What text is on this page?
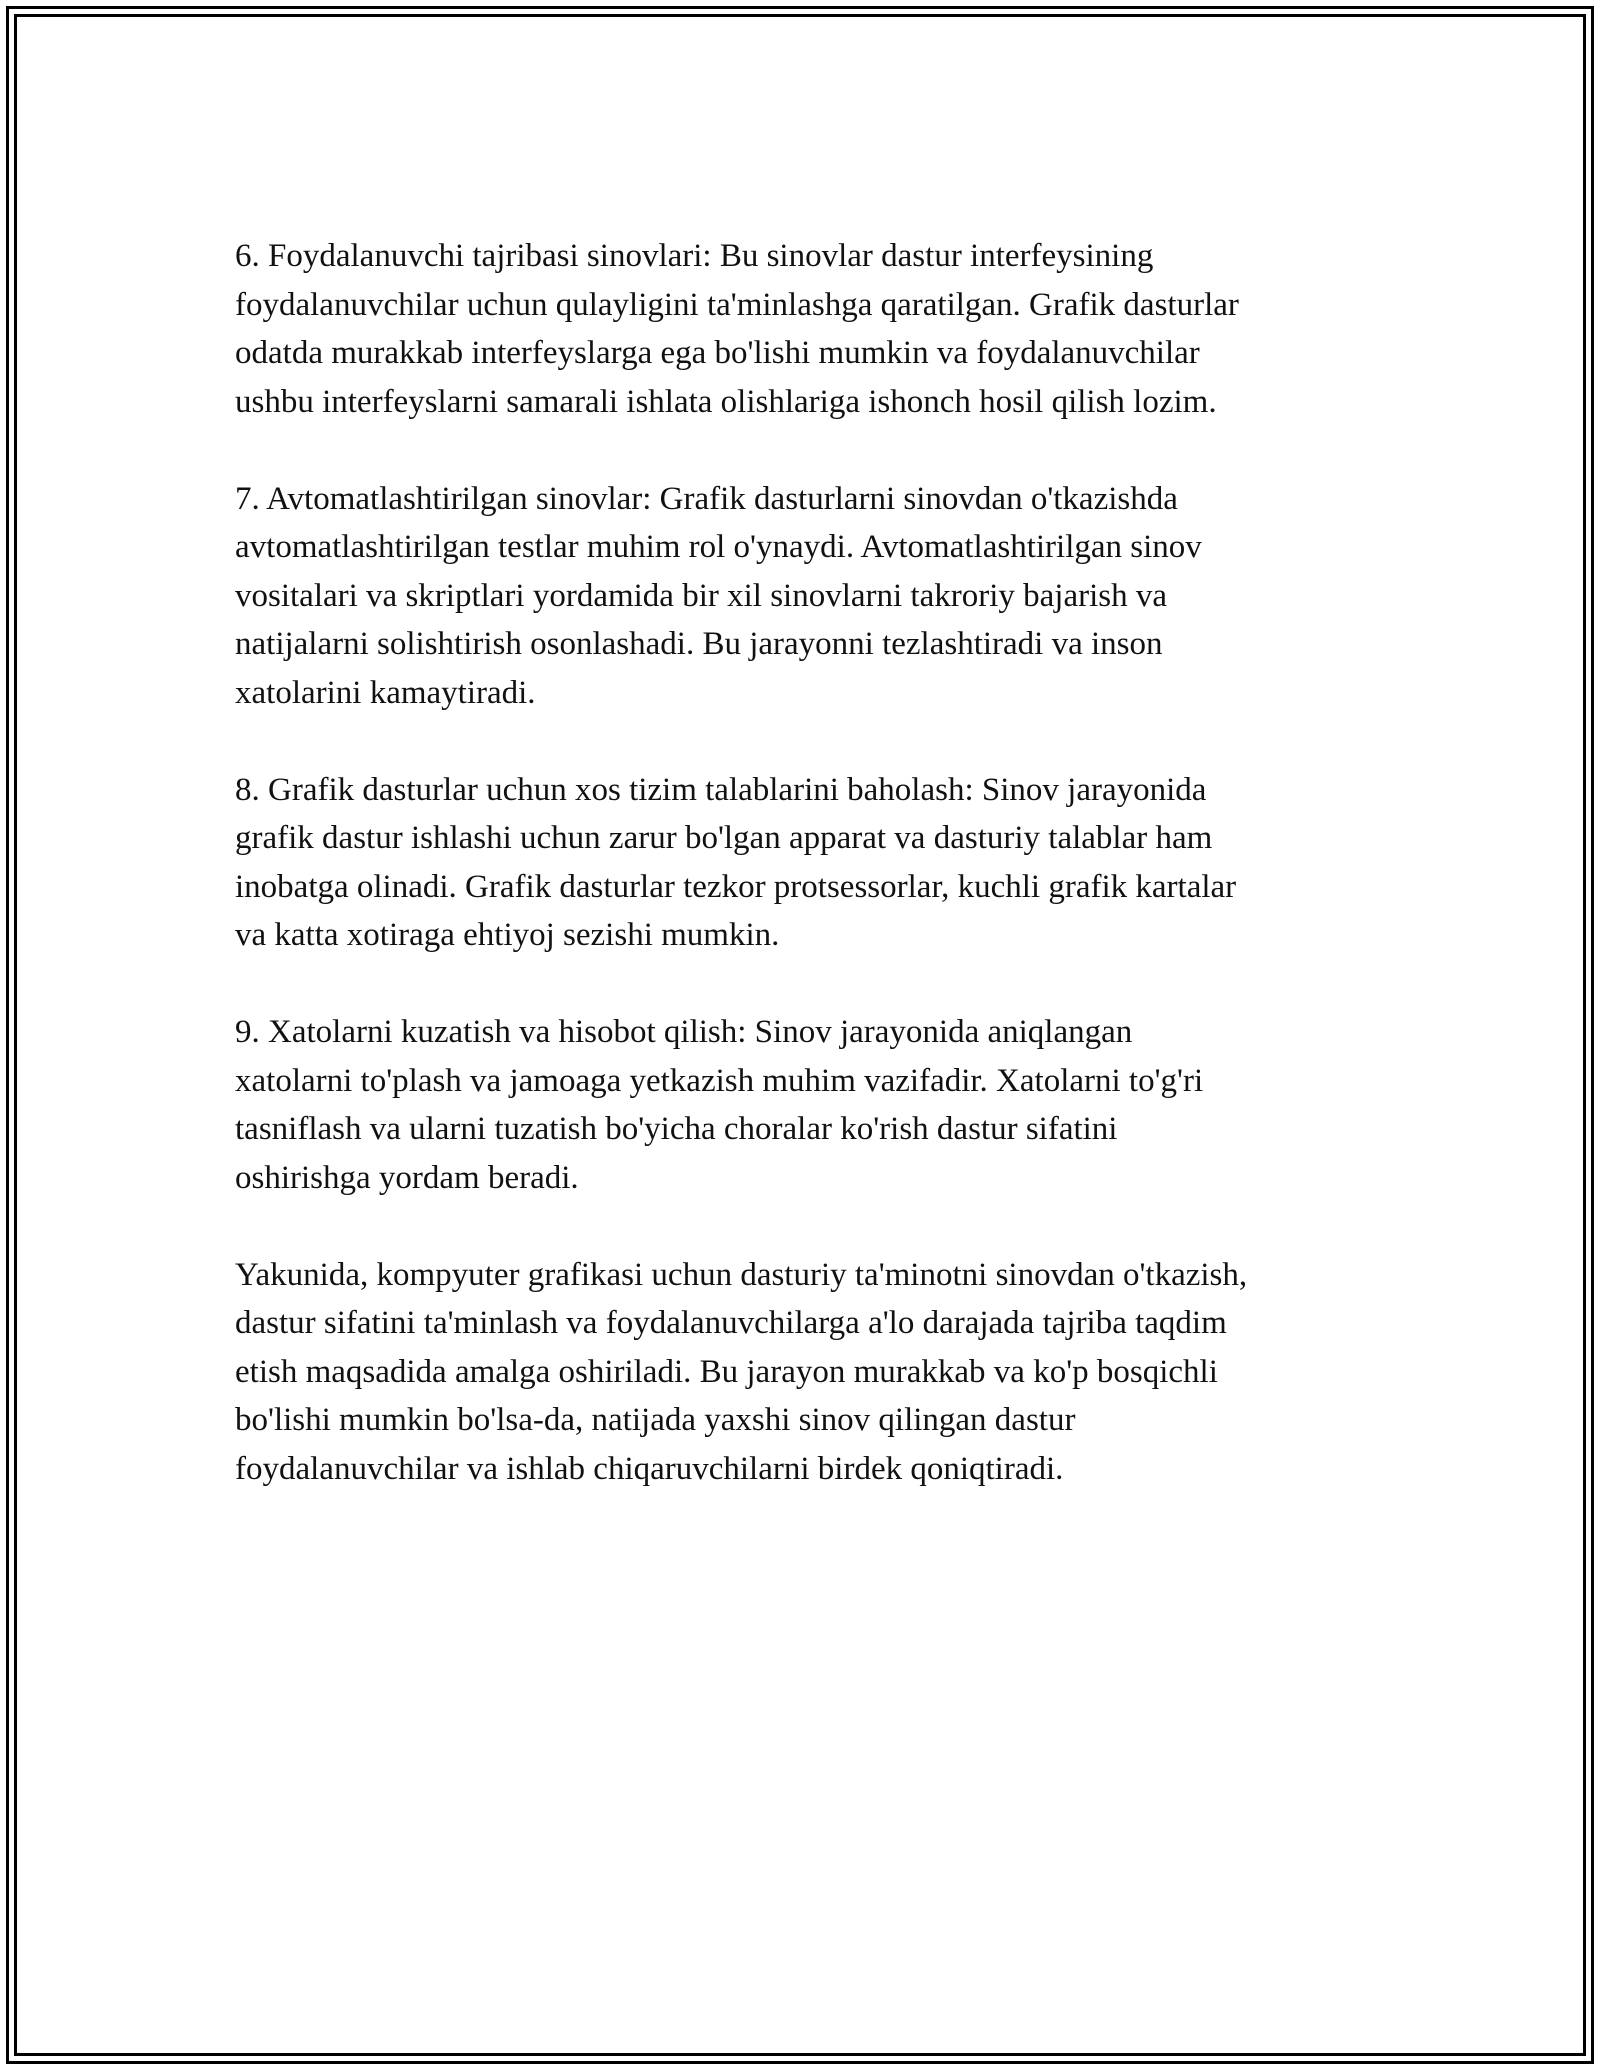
6. Foydalanuvchi tajribasi sinovlari: Bu sinovlar dastur interfeysining
foydalanuvchilar uchun qulayligini ta'minlashga qaratilgan. Grafik dasturlar
odatda murakkab interfeyslarga ega bo'lishi mumkin va foydalanuvchilar
ushbu interfeyslarni samarali ishlata olishlariga ishonch hosil qilish lozim.

7. Avtomatlashtirilgan sinovlar: Grafik dasturlarni sinovdan o'tkazishda
avtomatlashtirilgan testlar muhim rol o'ynaydi. Avtomatlashtirilgan sinov
vositalari va skriptlari yordamida bir xil sinovlarni takroriy bajarish va
natijalarni solishtirish osonlashadi. Bu jarayonni tezlashtiradi va inson
xatolarini kamaytiradi.

8. Grafik dasturlar uchun xos tizim talablarini baholash: Sinov jarayonida
grafik dastur ishlashi uchun zarur bo'lgan apparat va dasturiy talablar ham
inobatga olinadi. Grafik dasturlar tezkor protsessorlar, kuchli grafik kartalar
va katta xotiraga ehtiyoj sezishi mumkin.

9. Xatolarni kuzatish va hisobot qilish: Sinov jarayonida aniqlangan
xatolarni to'plash va jamoaga yetkazish muhim vazifadir. Xatolarni to'g'ri
tasniflash va ularni tuzatish bo'yicha choralar ko'rish dastur sifatini
oshirishga yordam beradi.

Yakunida, kompyuter grafikasi uchun dasturiy ta'minotni sinovdan o'tkazish,
dastur sifatini ta'minlash va foydalanuvchilarga a'lo darajada tajriba taqdim
etish maqsadida amalga oshiriladi. Bu jarayon murakkab va ko'p bosqichli
bo'lishi mumkin bo'lsa-da, natijada yaxshi sinov qilingan dastur
foydalanuvchilar va ishlab chiqaruvchilarni birdek qoniqtiradi.
